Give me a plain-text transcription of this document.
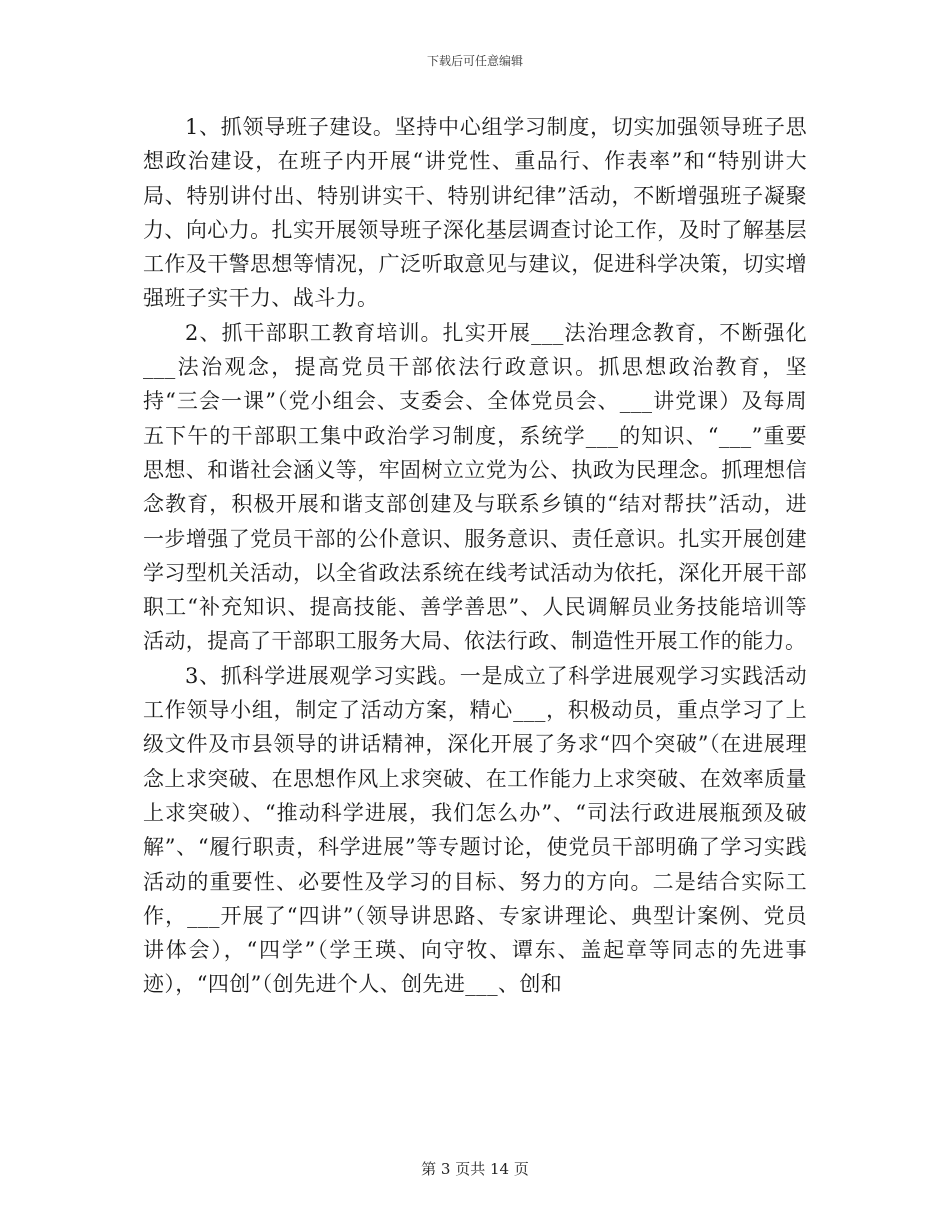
下载后可任意编辑

1、抓领导班子建设。坚持中心组学习制度，切实加强领导班子思想政治建设，在班子内开展“讲党性、重品行、作表率”和“特别讲大局、特别讲付出、特别讲实干、特别讲纪律”活动，不断增强班子凝聚力、向心力。扎实开展领导班子深化基层调查讨论工作，及时了解基层工作及干警思想等情况，广泛听取意见与建议，促进科学决策，切实增强班子实干力、战斗力。

2、抓干部职工教育培训。扎实开展___法治理念教育，不断强化___法治观念，提高党员干部依法行政意识。抓思想政治教育，坚持“三会一课”（党小组会、支委会、全体党员会、___讲党课）及每周五下午的干部职工集中政治学习制度，系统学___的知识、“___”重要思想、和谐社会涵义等，牢固树立立党为公、执政为民理念。抓理想信念教育，积极开展和谐支部创建及与联系乡镇的“结对帮扶”活动，进一步增强了党员干部的公仆意识、服务意识、责任意识。扎实开展创建学习型机关活动，以全省政法系统在线考试活动为依托，深化开展干部职工“补充知识、提高技能、善学善思”、人民调解员业务技能培训等活动，提高了干部职工服务大局、依法行政、制造性开展工作的能力。

3、抓科学进展观学习实践。一是成立了科学进展观学习实践活动工作领导小组，制定了活动方案，精心___，积极动员，重点学习了上级文件及市县领导的讲话精神，深化开展了务求“四个突破”（在进展理念上求突破、在思想作风上求突破、在工作能力上求突破、在效率质量上求突破）、“推动科学进展，我们怎么办”、“司法行政进展瓶颈及破解”、“履行职责，科学进展”等专题讨论，使党员干部明确了学习实践活动的重要性、必要性及学习的目标、努力的方向。二是结合实际工作，___开展了“四讲”（领导讲思路、专家讲理论、典型计案例、党员讲体会），“四学”（学王瑛、向守牧、谭东、盖起章等同志的先进事迹），“四创”（创先进个人、创先进___、创和

第 3 页共 14 页
